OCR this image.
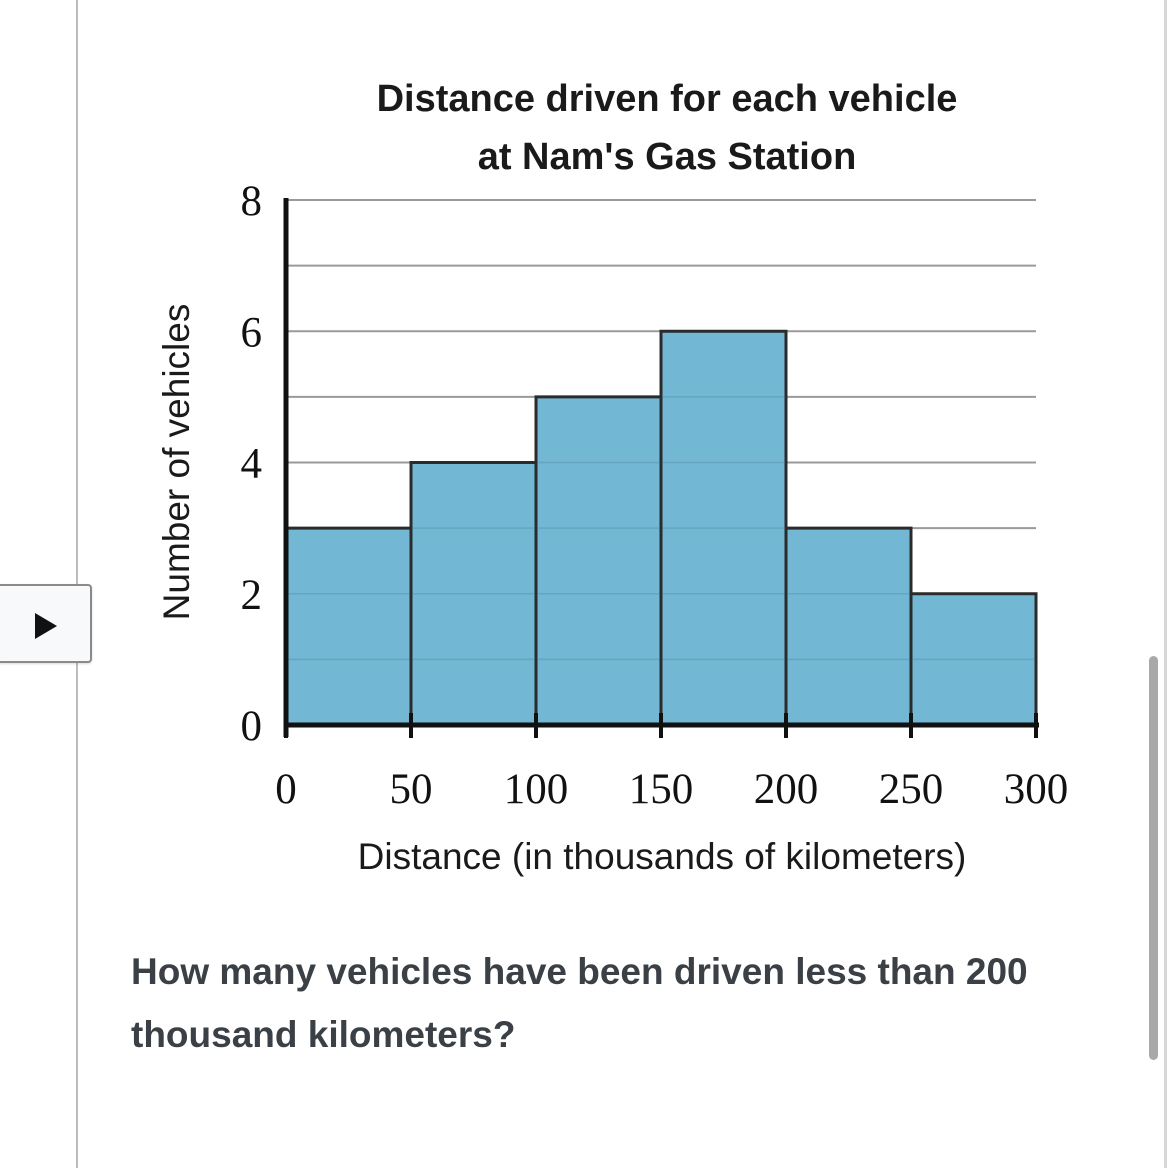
Distance driven for each vehicle
at Nam's Gas Station
0
2
4
6
8
0 50 100 150 200 250 300
Number of vehicles
Distance (in thousands of kilometers)
How many vehicles have been driven less than 200 thousand kilometers?
